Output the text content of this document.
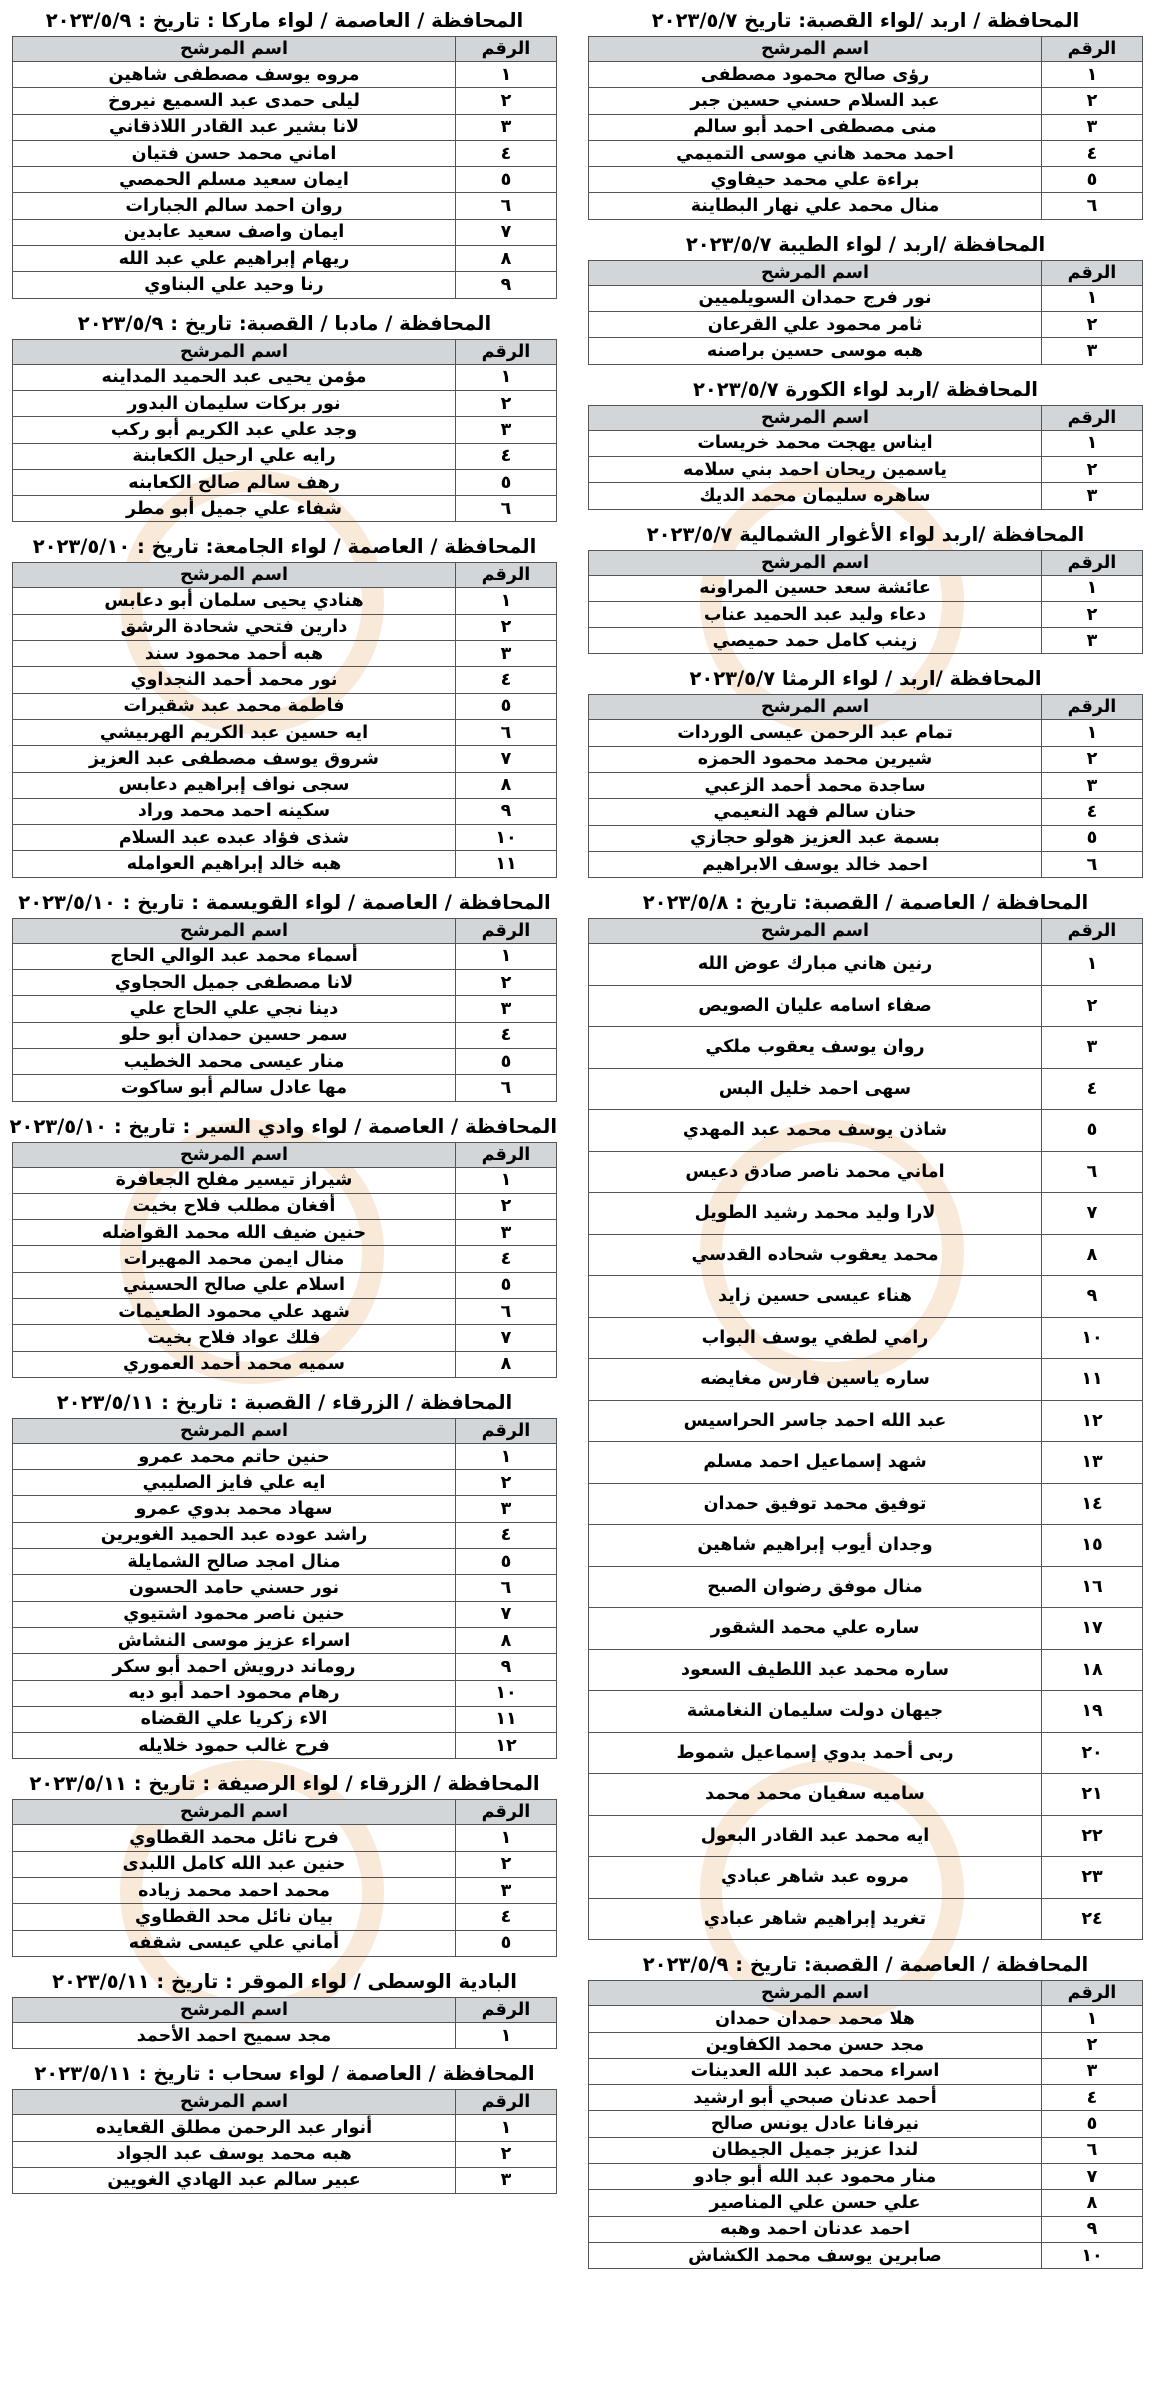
المحافظة / اربد /لواء القصبة: تاريخ ٢٠٢٣/٥/٧
الرقم	اسم المرشح
١	رؤى صالح محمود مصطفى
٢	عبد السلام حسني حسين جبر
٣	منى مصطفى احمد أبو سالم
٤	احمد محمد هاني موسى التميمي
٥	براءة علي محمد حيفاوي
٦	منال محمد علي نهار البطاينة
المحافظة /اربد / لواء الطيبة ٢٠٢٣/٥/٧
الرقم	اسم المرشح
١	نور فرج حمدان السويلميين
٢	ثامر محمود علي القرعان
٣	هبه موسى حسين براصنه
المحافظة /اربد لواء الكورة ٢٠٢٣/٥/٧
الرقم	اسم المرشح
١	ايناس يهجت محمد خريسات
٢	ياسمين ريحان احمد بني سلامه
٣	ساهره سليمان محمد الديك
المحافظة /اربد لواء الأغوار الشمالية ٢٠٢٣/٥/٧
الرقم	اسم المرشح
١	عائشة سعد حسين المراونه
٢	دعاء وليد عبد الحميد عناب
٣	زينب كامل حمد حميصي
المحافظة /اربد / لواء الرمثا ٢٠٢٣/٥/٧
الرقم	اسم المرشح
١	تمام عبد الرحمن عيسى الوردات
٢	شيرين محمد محمود الحمزه
٣	ساجدة محمد أحمد الزعبي
٤	حنان سالم فهد النعيمي
٥	بسمة عبد العزيز هولو حجازي
٦	احمد خالد يوسف الابراهيم
المحافظة / العاصمة / القصبة: تاريخ : ٢٠٢٣/٥/٨
الرقم	اسم المرشح
١	رنين هاني مبارك عوض الله
٢	صفاء اسامه عليان الصويص
٣	روان يوسف يعقوب ملكي
٤	سهى احمد خليل البس
٥	شاذن يوسف محمد عبد المهدي
٦	اماني محمد ناصر صادق دعيس
٧	لارا وليد محمد رشيد الطويل
٨	محمد يعقوب شحاده القدسي
٩	هناء عيسى حسين زايد
١٠	رامي لطفي يوسف البواب
١١	ساره ياسين فارس مغايضه
١٢	عبد الله احمد جاسر الحراسيس
١٣	شهد إسماعيل احمد مسلم
١٤	توفيق محمد توفيق حمدان
١٥	وجدان أيوب إبراهيم شاهين
١٦	منال موفق رضوان الصبح
١٧	ساره علي محمد الشقور
١٨	ساره محمد عبد اللطيف السعود
١٩	جيهان دولت سليمان النغامشة
٢٠	ربى أحمد بدوي إسماعيل شموط
٢١	ساميه سفيان محمد محمد
٢٢	ايه محمد عبد القادر البعول
٢٣	مروه عبد شاهر عبادي
٢٤	تغريد إبراهيم شاهر عبادي
المحافظة / العاصمة / القصبة: تاريخ : ٢٠٢٣/٥/٩
الرقم	اسم المرشح
١	هلا محمد حمدان حمدان
٢	مجد حسن محمد الكفاوين
٣	اسراء محمد عبد الله العدينات
٤	أحمد عدنان صبحي أبو ارشيد
٥	نيرفانا عادل يونس صالح
٦	لندا عزيز جميل الجيطان
٧	منار محمود عبد الله أبو جادو
٨	علي حسن علي المناصير
٩	احمد عدنان احمد وهبه
١٠	صابرين يوسف محمد الكشاش
المحافظة / العاصمة / لواء ماركا : تاريخ : ٢٠٢٣/٥/٩
الرقم	اسم المرشح
١	مروه يوسف مصطفى شاهين
٢	ليلى حمدى عبد السميع نيروخ
٣	لانا بشير عبد القادر اللاذقاني
٤	اماني محمد حسن فتيان
٥	ايمان سعيد مسلم الحمصي
٦	روان احمد سالم الجبارات
٧	ايمان واصف سعيد عابدين
٨	ريهام إبراهيم علي عبد الله
٩	رنا وحيد علي البناوي
المحافظة / مادبا / القصبة: تاريخ : ٢٠٢٣/٥/٩
الرقم	اسم المرشح
١	مؤمن يحيى عبد الحميد المداينه
٢	نور بركات سليمان البدور
٣	وجد علي عبد الكريم أبو ركب
٤	رايه علي ارحيل الكعابنة
٥	رهف سالم صالح الكعابنه
٦	شفاء علي جميل أبو مطر
المحافظة / العاصمة / لواء الجامعة: تاريخ : ٢٠٢٣/٥/١٠
الرقم	اسم المرشح
١	هنادي يحيى سلمان أبو دعابس
٢	دارين فتحي شحادة الرشق
٣	هبه أحمد محمود سند
٤	نور محمد أحمد النجداوي
٥	فاطمة محمد عبد شقيرات
٦	ايه حسين عبد الكريم الهربيشي
٧	شروق يوسف مصطفى عبد العزيز
٨	سجى نواف إبراهيم دعابس
٩	سكينه احمد محمد وراد
١٠	شذى فؤاد عبده عبد السلام
١١	هبه خالد إبراهيم العوامله
المحافظة / العاصمة / لواء القويسمة : تاريخ : ٢٠٢٣/٥/١٠
الرقم	اسم المرشح
١	أسماء محمد عبد الوالي الحاج
٢	لانا مصطفى جميل الحجاوي
٣	دينا نجي علي الحاج علي
٤	سمر حسين حمدان أبو حلو
٥	منار عيسى محمد الخطيب
٦	مها عادل سالم أبو ساكوت
المحافظة / العاصمة / لواء وادي السير : تاريخ : ٢٠٢٣/٥/١٠
الرقم	اسم المرشح
١	شيراز تيسير مفلح الجعافرة
٢	أفغان مطلب فلاح بخيت
٣	حنين ضيف الله محمد القواضله
٤	منال ايمن محمد المهيرات
٥	اسلام علي صالح الحسيني
٦	شهد علي محمود الطعيمات
٧	فلك عواد فلاح بخيت
٨	سميه محمد أحمد العموري
المحافظة / الزرقاء / القصبة : تاريخ : ٢٠٢٣/٥/١١
الرقم	اسم المرشح
١	حنين حاتم محمد عمرو
٢	ايه علي فايز الصليبي
٣	سهاد محمد بدوي عمرو
٤	راشد عوده عبد الحميد الغويرين
٥	منال امجد صالح الشمايلة
٦	نور حسني حامد الحسون
٧	حنين ناصر محمود اشتيوي
٨	اسراء عزيز موسى النشاش
٩	روماند درويش احمد أبو سكر
١٠	رهام محمود احمد أبو ديه
١١	الاء زكريا علي القضاه
١٢	فرح غالب حمود خلايله
المحافظة / الزرقاء / لواء الرصيفة : تاريخ : ٢٠٢٣/٥/١١
الرقم	اسم المرشح
١	فرح نائل محمد القطاوي
٢	حنين عبد الله كامل اللبدى
٣	محمد احمد محمد زياده
٤	بيان نائل محد القطاوي
٥	أماني علي عيسى شقفه
البادية الوسطى / لواء الموقر : تاريخ : ٢٠٢٣/٥/١١
الرقم	اسم المرشح
١	مجد سميح احمد الأحمد
المحافظة / العاصمة / لواء سحاب : تاريخ : ٢٠٢٣/٥/١١
الرقم	اسم المرشح
١	أنوار عبد الرحمن مطلق القعايده
٢	هبه محمد يوسف عبد الجواد
٣	عبير سالم عبد الهادي الغويين
